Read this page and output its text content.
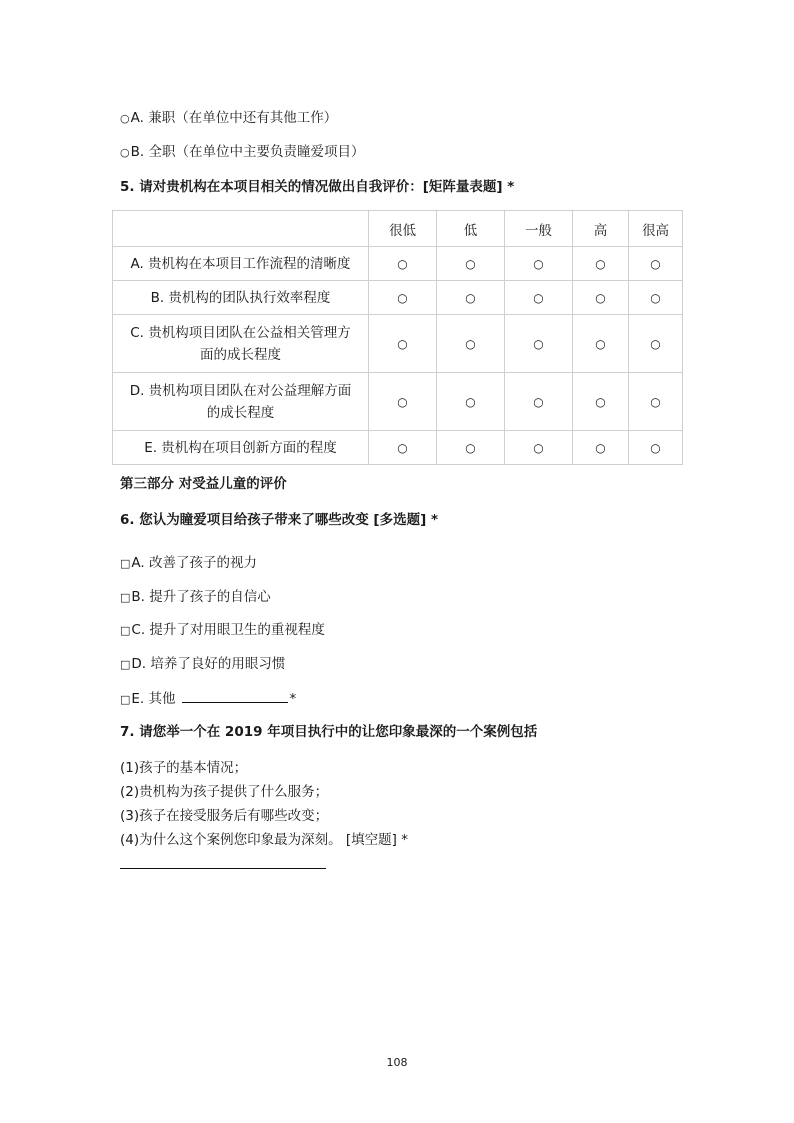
○A. 兼职（在单位中还有其他工作）
○B. 全职（在单位中主要负责瞳爱项目）
5. 请对贵机构在本项目相关的情况做出自我评价：[矩阵量表题] *
	很低	低	一般	高	很高

A. 贵机构在本项目工作流程的清晰度	○	○	○	○	○

B. 贵机构的团队执行效率程度	○	○	○	○	○

C. 贵机构项目团队在公益相关管理方
面的成长程度	○	○	○	○	○

D. 贵机构项目团队在对公益理解方面
的成长程度	○	○	○	○	○

E. 贵机构在项目创新方面的程度	○	○	○	○	○
第三部分 对受益儿童的评价
6. 您认为瞳爱项目给孩子带来了哪些改变 [多选题] *
□A. 改善了孩子的视力
□B. 提升了孩子的自信心
□C. 提升了对用眼卫生的重视程度
□D. 培养了良好的用眼习惯
□E. 其他	*
7. 请您举一个在 2019 年项目执行中的让您印象最深的一个案例包括
(1)孩子的基本情况；
(2)贵机构为孩子提供了什么服务；
(3)孩子在接受服务后有哪些改变；
(4)为什么这个案例您印象最为深刻。 [填空题] *
108
